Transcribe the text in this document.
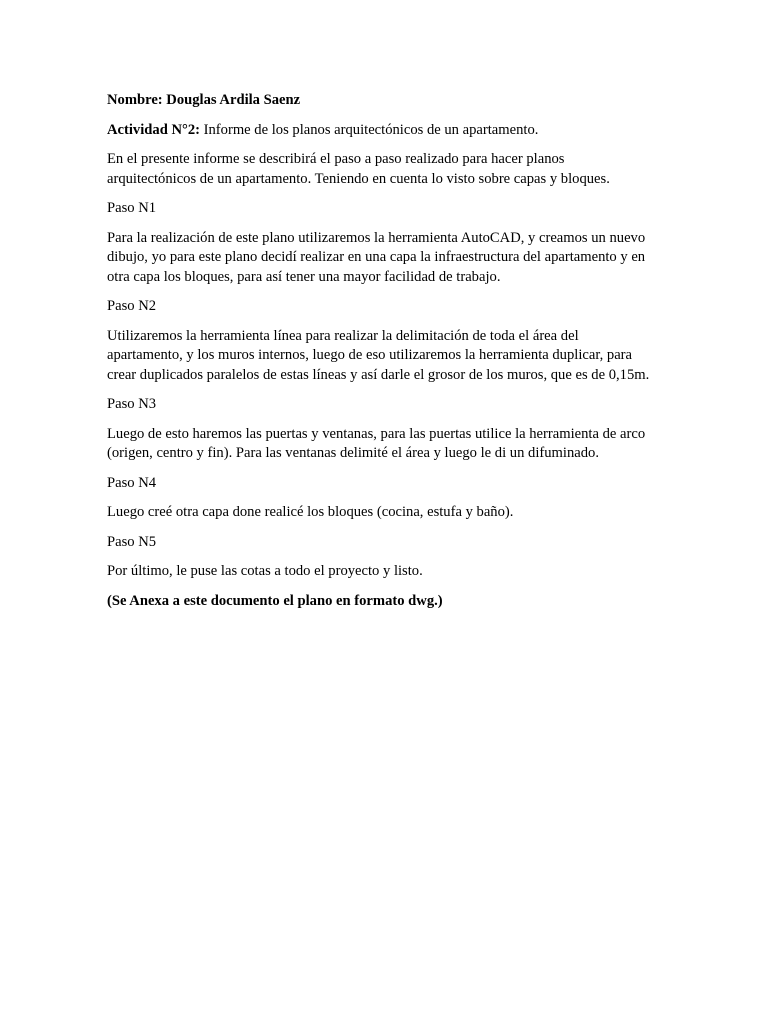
Nombre: Douglas Ardila Saenz

Actividad N°2: Informe de los planos arquitectónicos de un apartamento.

En el presente informe se describirá el paso a paso realizado para hacer planos arquitectónicos de un apartamento. Teniendo en cuenta lo visto sobre capas y bloques.

Paso N1

Para la realización de este plano utilizaremos la herramienta AutoCAD, y creamos un nuevo dibujo, yo para este plano decidí realizar en una capa la infraestructura del apartamento y en otra capa los bloques, para así tener una mayor facilidad de trabajo.

Paso N2

Utilizaremos la herramienta línea para realizar la delimitación de toda el área del apartamento, y los muros internos, luego de eso utilizaremos la herramienta duplicar, para crear duplicados paralelos de estas líneas y así darle el grosor de los muros, que es de 0,15m.

Paso N3

Luego de esto haremos las puertas y ventanas, para las puertas utilice la herramienta de arco (origen, centro y fin). Para las ventanas delimité el área y luego le di un difuminado.

Paso N4

Luego creé otra capa done realicé los bloques (cocina, estufa y baño).

Paso N5

Por último, le puse las cotas a todo el proyecto y listo.

(Se Anexa a este documento el plano en formato dwg.)
